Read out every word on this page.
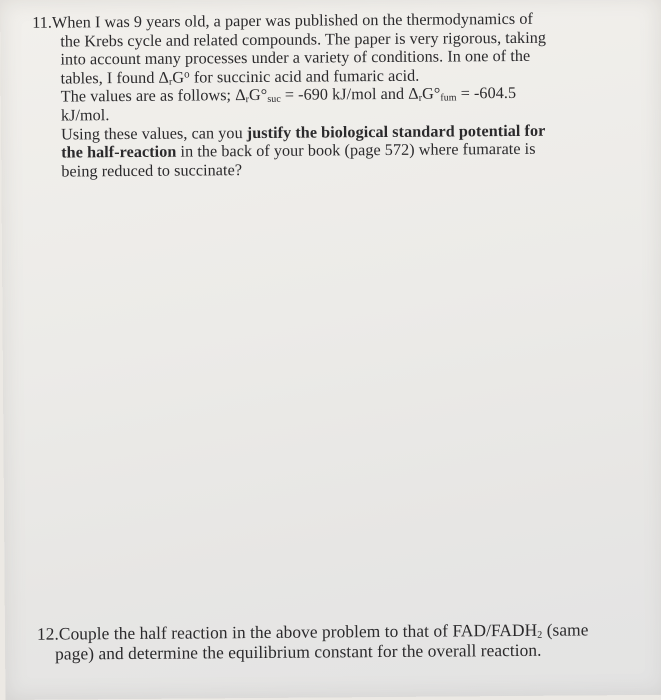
11.When I was 9 years old, a paper was published on the thermodynamics of
the Krebs cycle and related compounds. The paper is very rigorous, taking
into account many processes under a variety of conditions. In one of the
tables, I found $\Delta_rG^o$ for succinic acid and fumaric acid.
The values are as follows; $\Delta_rG^\circ_{suc} = -690$ kJ/mol and $\Delta_rG^\circ_{fum} = -604.5$
kJ/mol.
Using these values, can you justify the biological standard potential for
the half-reaction in the back of your book (page 572) where fumarate is
being reduced to succinate?
12.Couple the half reaction in the above problem to that of FAD/$FADH_2$ (same
page) and determine the equilibrium constant for the overall reaction.
